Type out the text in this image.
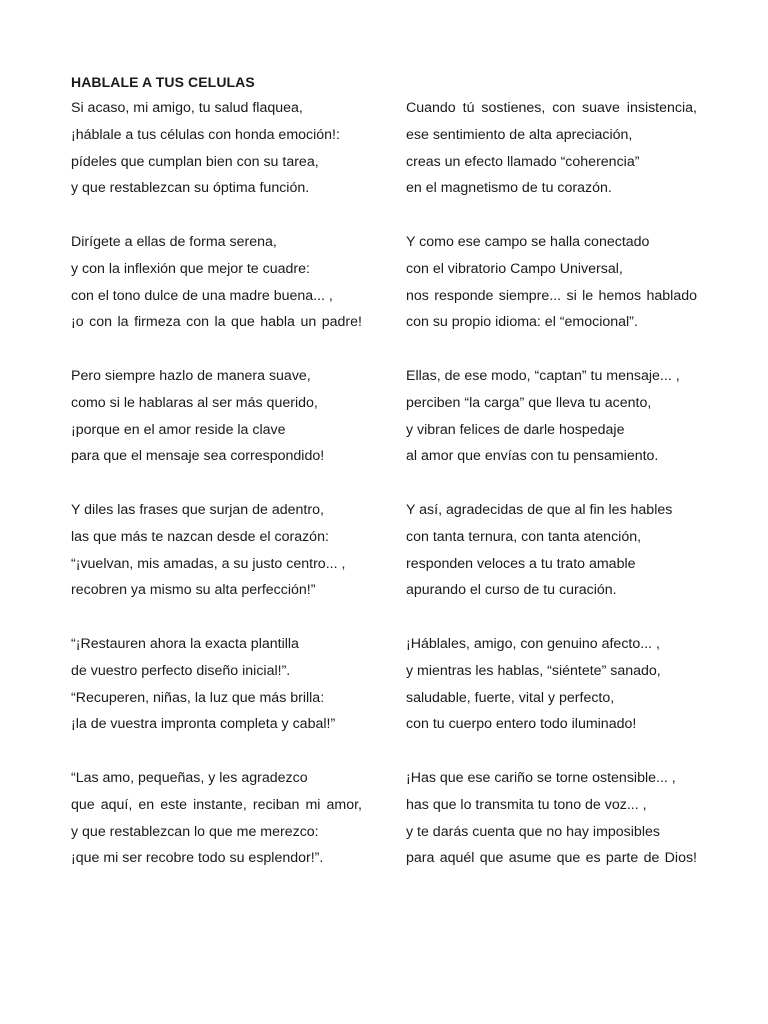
HABLALE A TUS CELULAS
Si acaso, mi amigo, tu salud flaquea,
¡háblale a tus células con honda emoción!:
pídeles que cumplan bien con su tarea,
y que restablezcan su óptima función.
Dirígete a ellas de forma serena,
y con la inflexión que mejor te cuadre:
con el tono dulce de una madre buena... ,
¡o con la firmeza con la que habla un padre!
Pero siempre hazlo de manera suave,
como si le hablaras al ser más querido,
¡porque en el amor reside la clave
para que el mensaje sea correspondido!
Y diles las frases que surjan de adentro,
las que más te nazcan desde el corazón:
“¡vuelvan, mis amadas, a su justo centro... ,
recobren ya mismo su alta perfección!”
“¡Restauren ahora la exacta plantilla
de vuestro perfecto diseño inicial!”.
“Recuperen, niñas, la luz que más brilla:
¡la de vuestra impronta completa y cabal!”
“Las amo, pequeñas, y les agradezco
que aquí, en este instante, reciban mi amor,
y que restablezcan lo que me merezco:
¡que mi ser recobre todo su esplendor!”.
Cuando tú sostienes, con suave insistencia,
ese sentimiento de alta apreciación,
creas un efecto llamado “coherencia”
en el magnetismo de tu corazón.
Y como ese campo se halla conectado
con el vibratorio Campo Universal,
nos responde siempre... si le hemos hablado
con su propio idioma: el “emocional”.
Ellas, de ese modo, “captan” tu mensaje... ,
perciben “la carga” que lleva tu acento,
y vibran felices de darle hospedaje
al amor que envías con tu pensamiento.
Y así, agradecidas de que al fin les hables
con tanta ternura, con tanta atención,
responden veloces a tu trato amable
apurando el curso de tu curación.
¡Háblales, amigo, con genuino afecto... ,
y mientras les hablas, “siéntete” sanado,
saludable, fuerte, vital y perfecto,
con tu cuerpo entero todo iluminado!
¡Has que ese cariño se torne ostensible... ,
has que lo transmita tu tono de voz... ,
y te darás cuenta que no hay imposibles
para aquél que asume que es parte de Dios!
